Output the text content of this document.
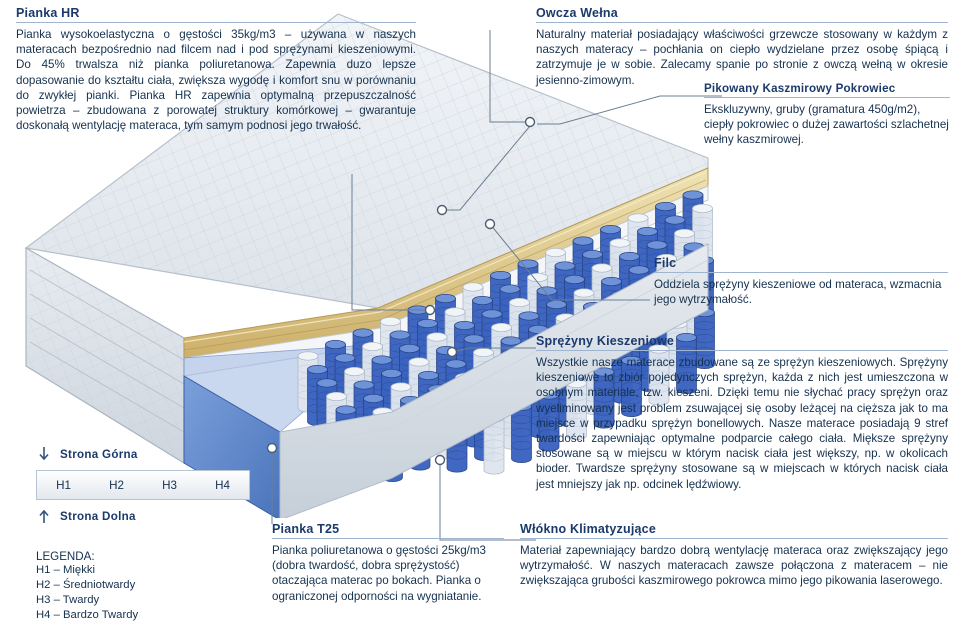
Pianka HR
Pianka wysokoelastyczna o gęstości 35kg/m3 – używana w naszych materacach bezpośrednio nad filcem nad i pod sprężynami kieszeniowymi. Do 45% trwalsza niż pianka poliuretanowa. Zapewnia duzo lepsze dopasowanie do kształtu ciała, zwiększa wygodę i komfort snu w porównaniu do zwykłej pianki. Pianka HR zapewnia optymalną przepuszczalność powietrza – zbudowana z porowatej struktury komórkowej – gwarantuje doskonałą wentylację materaca, tym samym podnosi jego trwałość.
Owcza Wełna
Naturalny materiał posiadający właściwości grzewcze stosowany w każdym z naszych materacy – pochłania on ciepło wydzielane przez osobę śpiącą i zatrzymuje je w sobie. Zalecamy spanie po stronie z owczą wełną w okresie jesienno-zimowym.
Pikowany Kaszmirowy Pokrowiec
Ekskluzywny, gruby (gramatura 450g/m2), ciepły pokrowiec o dużej zawartości szlachetnej wełny kaszmirowej.
Filc
Oddziela sprężyny kieszeniowe od materaca, wzmacnia jego wytrzymałość.
Sprężyny Kieszeniowe
Wszystkie nasze materace zbudowane są ze sprężyn kieszeniowych. Sprężyny kieszeniowe to zbiór pojedynczych sprężyn, każda z nich jest umieszczona w osobnym materiale, tzw. kieszeni. Dzięki temu nie słychać pracy sprężyn oraz wyeliminowany jest problem zsuwającej się osoby leżącej na cięższa jak to ma miejsce w przypadku sprężyn bonellowych. Nasze materace posiadają 9 stref twardości zapewniając optymalne podparcie całego ciała. Miększe sprężyny stosowane są w miejscu w którym nacisk ciała jest większy, np. w okolicach bioder. Twardsze sprężyny stosowane są w miejscach w których nacisk ciała jest mniejszy jak np. odcinek lędźwiowy.
Pianka T25
Pianka poliuretanowa o gęstości 25kg/m3 (dobra twardość, dobra sprężystość) otaczająca materac po bokach. Pianka o ograniczonej odporności na wygniatanie.
Włókno Klimatyzujące
Materiał zapewniający bardzo dobrą wentylację materaca oraz zwiększający jego wytrzymałość. W naszych materacach zawsze połączona z materacem – nie zwiększająca grubości kaszmirowego pokrowca mimo jego pikowania laserowego.
Strona Górna
H1	H2	H3	H4
Strona Dolna
LEGENDA:
H1 – Miękki
H2 – Średniotwardy
H3 – Twardy
H4 – Bardzo Twardy
